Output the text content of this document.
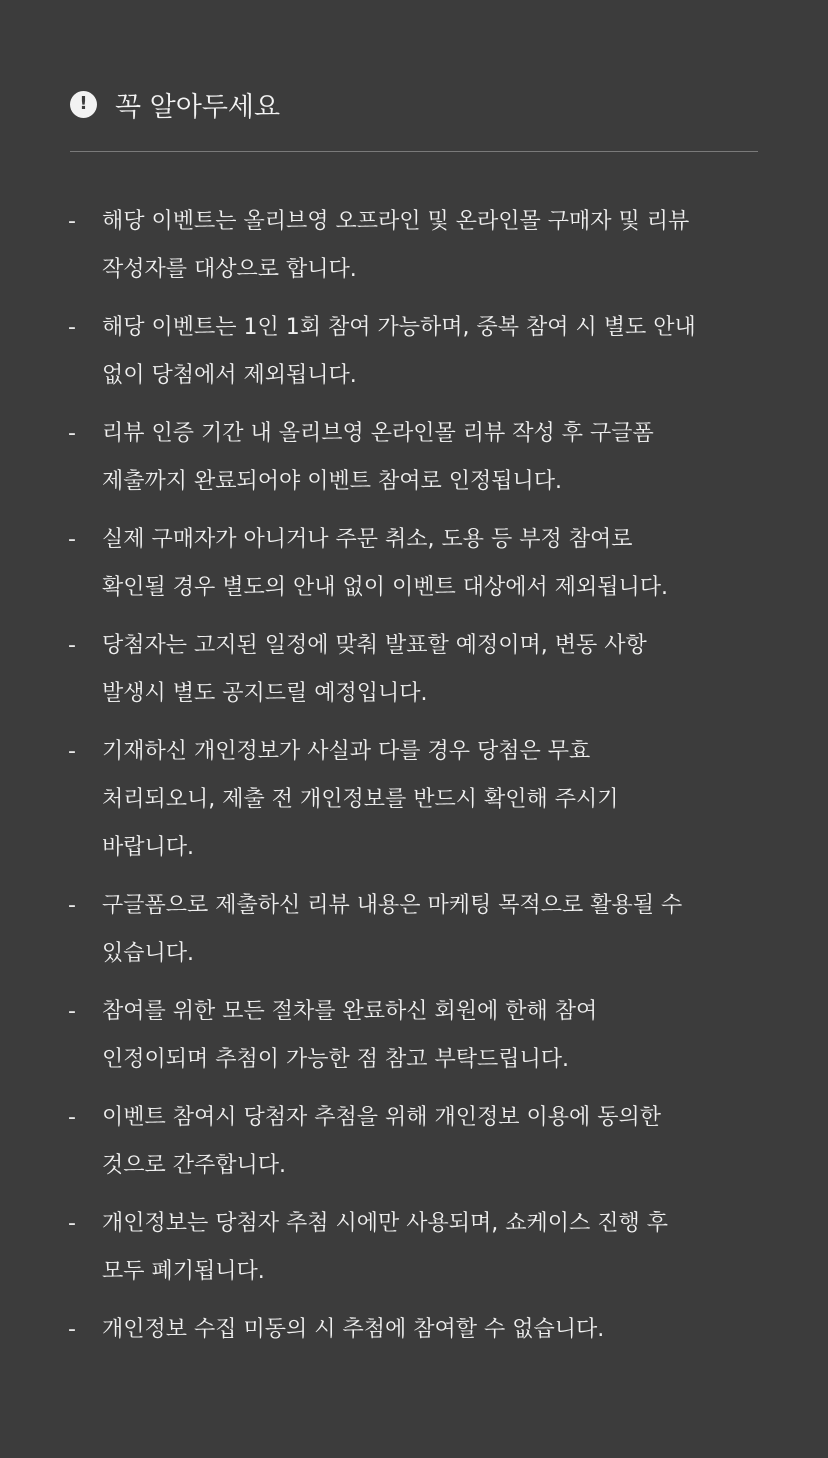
!	꼭 알아두세요
- 해당 이벤트는 올리브영 오프라인 및 온라인몰 구매자 및 리뷰
작성자를 대상으로 합니다.
- 해당 이벤트는 1인 1회 참여 가능하며, 중복 참여 시 별도 안내
없이 당첨에서 제외됩니다.
- 리뷰 인증 기간 내 올리브영 온라인몰 리뷰 작성 후 구글폼
제출까지 완료되어야 이벤트 참여로 인정됩니다.
- 실제 구매자가 아니거나 주문 취소, 도용 등 부정 참여로
확인될 경우 별도의 안내 없이 이벤트 대상에서 제외됩니다.
- 당첨자는 고지된 일정에 맞춰 발표할 예정이며, 변동 사항
발생시 별도 공지드릴 예정입니다.
- 기재하신 개인정보가 사실과 다를 경우 당첨은 무효
처리되오니, 제출 전 개인정보를 반드시 확인해 주시기
바랍니다.
- 구글폼으로 제출하신 리뷰 내용은 마케팅 목적으로 활용될 수
있습니다.
- 참여를 위한 모든 절차를 완료하신 회원에 한해 참여
인정이되며 추첨이 가능한 점 참고 부탁드립니다.
- 이벤트 참여시 당첨자 추첨을 위해 개인정보 이용에 동의한
것으로 간주합니다.
- 개인정보는 당첨자 추첨 시에만 사용되며, 쇼케이스 진행 후
모두 폐기됩니다.
- 개인정보 수집 미동의 시 추첨에 참여할 수 없습니다.
